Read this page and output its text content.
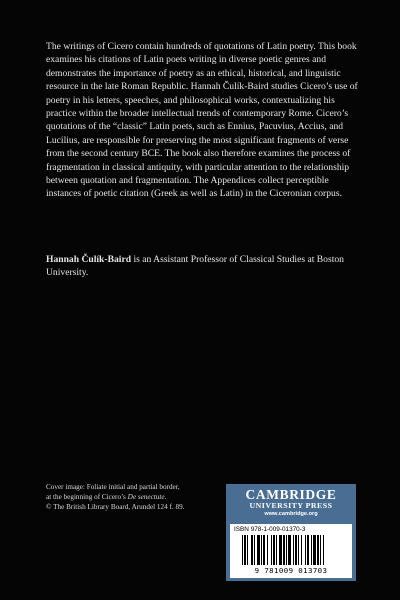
The writings of Cicero contain hundreds of quotations of Latin poetry. This book examines his citations of Latin poets writing in diverse poetic genres and demonstrates the importance of poetry as an ethical, historical, and linguistic resource in the late Roman Republic. Hannah Čulík-Baird studies Cicero’s use of poetry in his letters, speeches, and philosophical works, contextualizing his practice within the broader intellectual trends of contemporary Rome. Cicero’s quotations of the “classic” Latin poets, such as Ennius, Pacuvius, Accius, and Lucilius, are responsible for preserving the most significant fragments of verse from the second century BCE. The book also therefore examines the process of fragmentation in classical antiquity, with particular attention to the relationship between quotation and fragmentation. The Appendices collect perceptible instances of poetic citation (Greek as well as Latin) in the Ciceronian corpus.

Hannah Čulík-Baird is an Assistant Professor of Classical Studies at Boston University.

Cover image: Foliate initial and partial border,
at the beginning of Cicero’s De senectute.
© The British Library Board, Arundel 124 f. 89.
CAMBRIDGE
UNIVERSITY PRESS
www.cambridge.org
ISBN 978-1-009-01370-3
9 781009 013703
